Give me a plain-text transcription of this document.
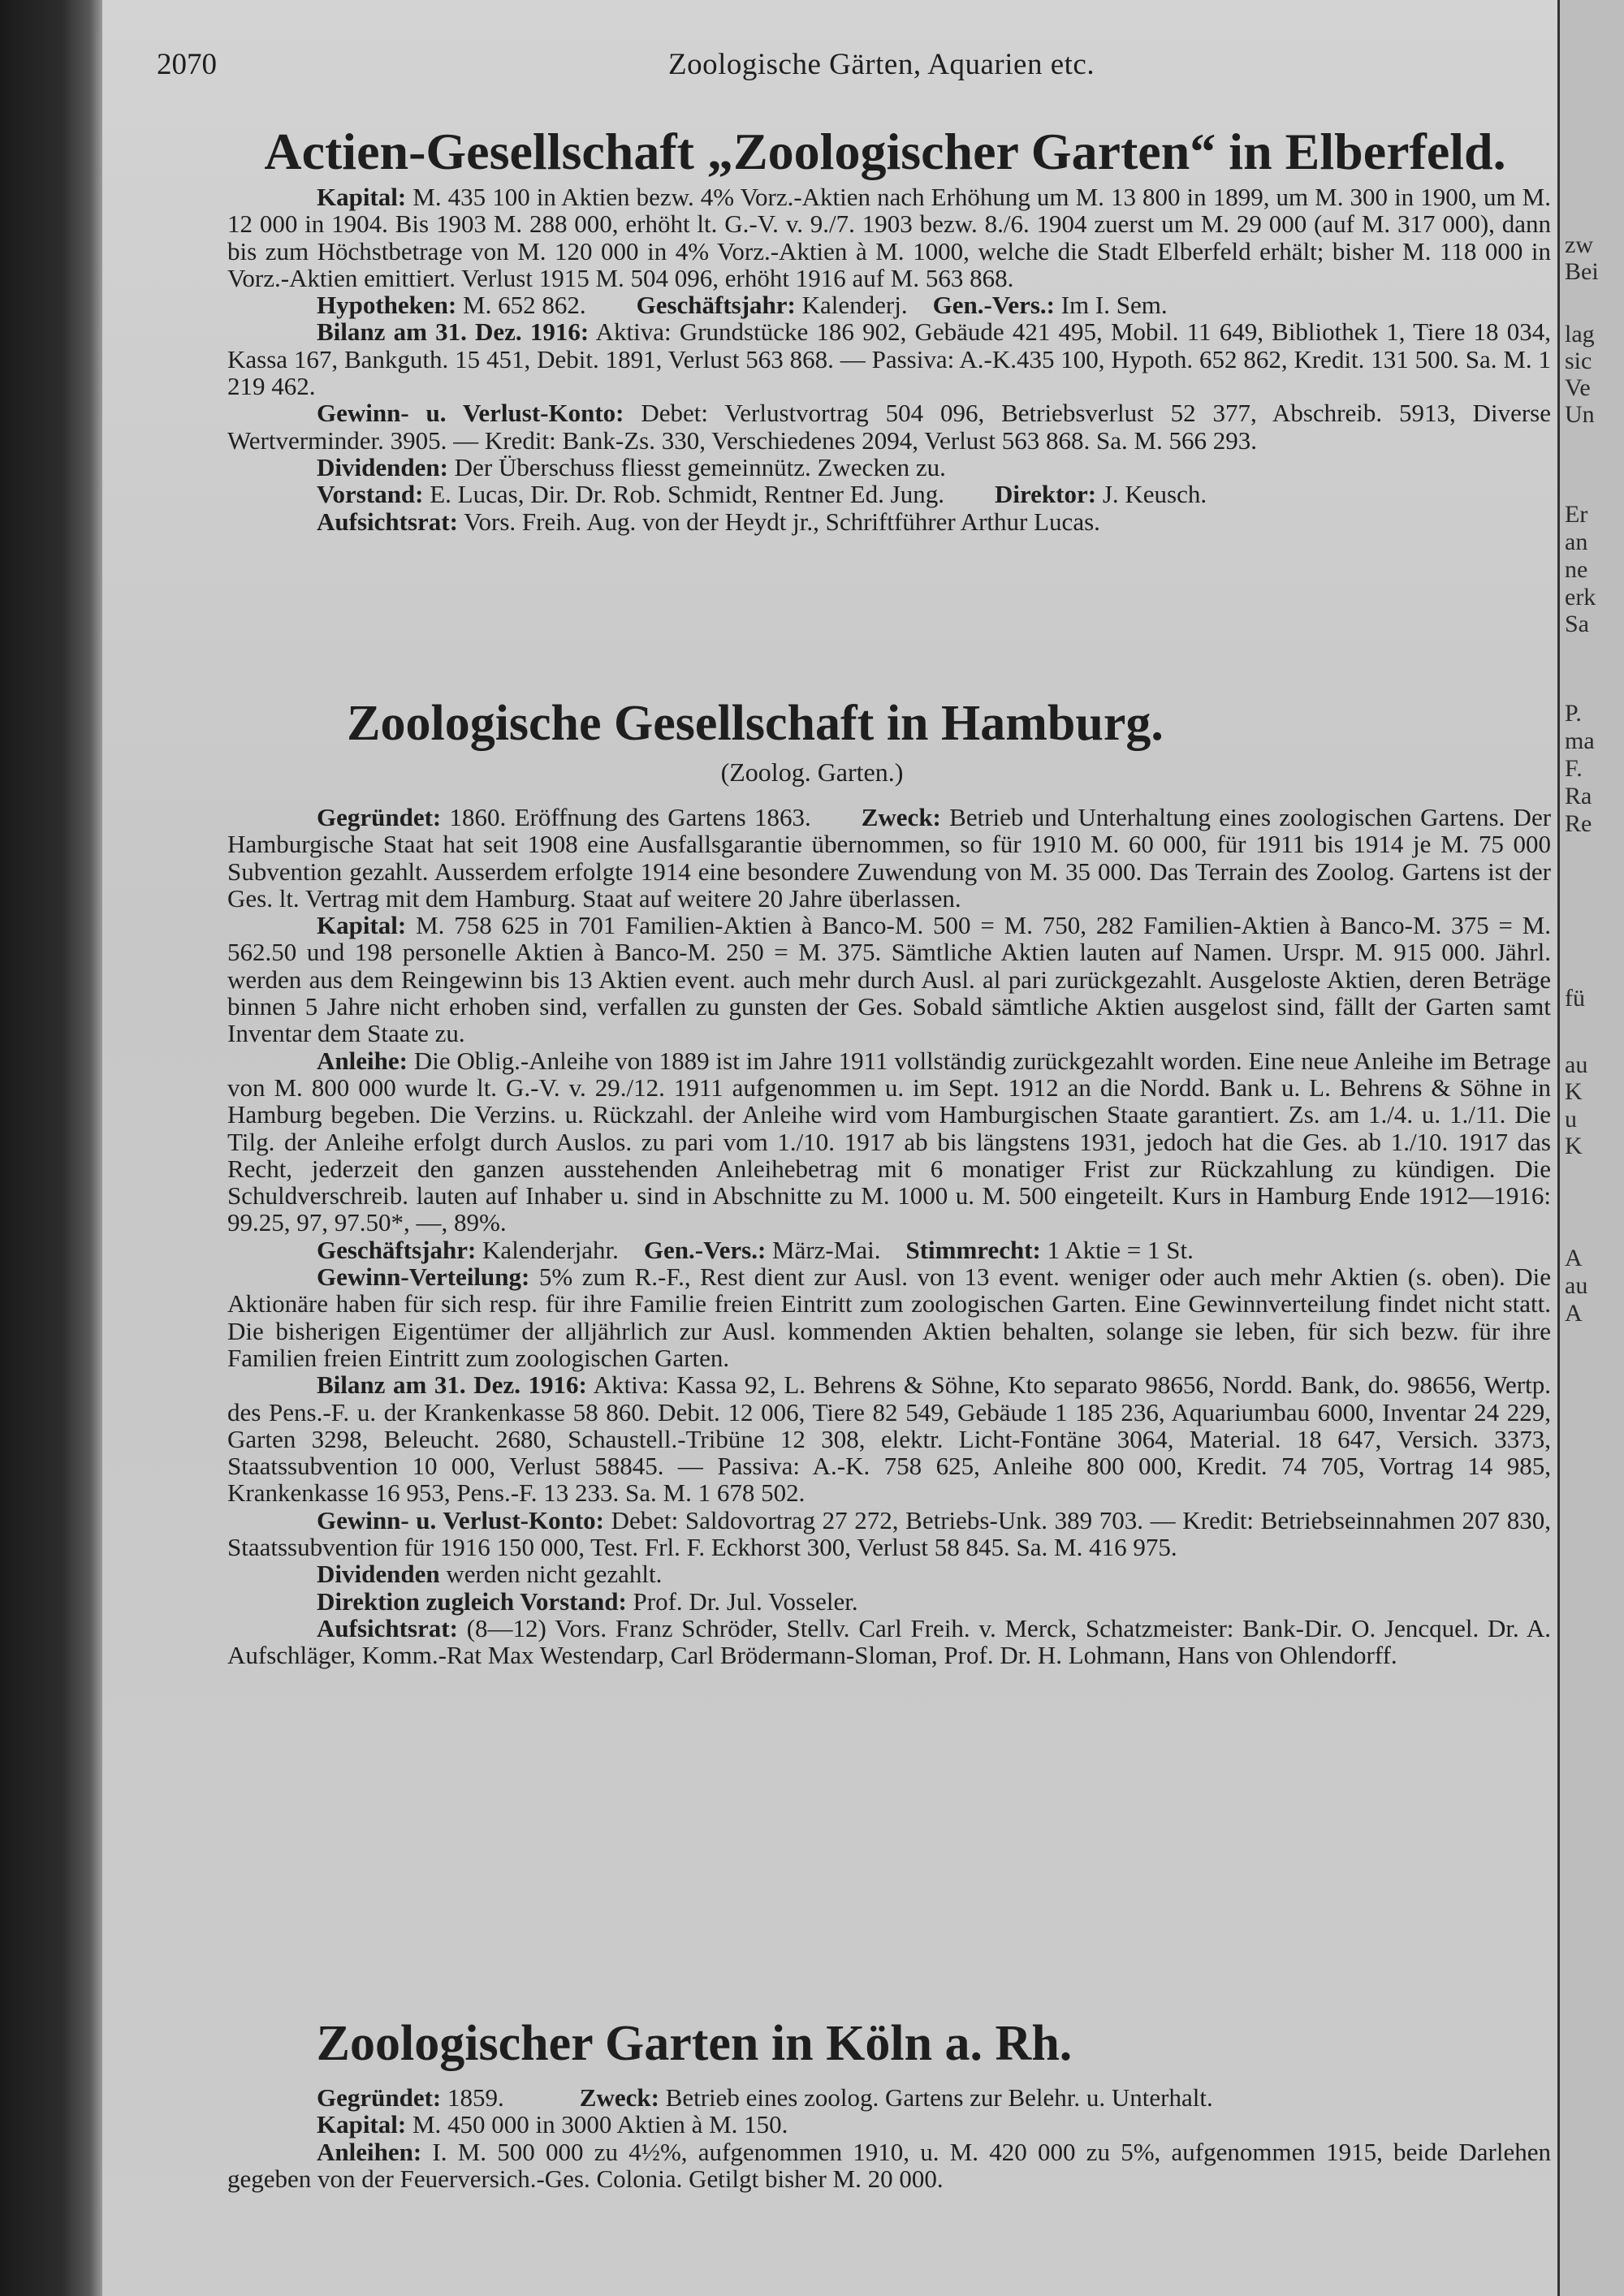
zw
Bei
lag
sic
Ve
Un
Er
an
ne
erk
Sa
P.
ma
F.
Ra
Re
fü
au
K
u
K
A
au
A
2070	Zoologische Gärten, Aquarien etc.
Actien-Gesellschaft „Zoologischer Garten“ in Elberfeld.

Kapital: M. 435 100 in Aktien bezw. 4% Vorz.-Aktien nach Erhöhung um M. 13 800 in 1899, um M. 300 in 1900, um M. 12 000 in 1904. Bis 1903 M. 288 000, erhöht lt. G.-V. v. 9./7. 1903 bezw. 8./6. 1904 zuerst um M. 29 000 (auf M. 317 000), dann bis zum Höchstbetrage von M. 120 000 in 4% Vorz.-Aktien à M. 1000, welche die Stadt Elberfeld erhält; bisher M. 118 000 in Vorz.-Aktien emittiert. Verlust 1915 M. 504 096, erhöht 1916 auf M. 563 868.

Hypotheken: M. 652 862.   Geschäftsjahr: Kalenderj.  Gen.-Vers.: Im I. Sem.

Bilanz am 31. Dez. 1916: Aktiva: Grundstücke 186 902, Gebäude 421 495, Mobil. 11 649, Bibliothek 1, Tiere 18 034, Kassa 167, Bankguth. 15 451, Debit. 1891, Verlust 563 868. — Passiva: A.-K.435 100, Hypoth. 652 862, Kredit. 131 500. Sa. M. 1 219 462.

Gewinn- u. Verlust-Konto: Debet: Verlustvortrag 504 096, Betriebsverlust 52 377, Abschreib. 5913, Diverse Wertverminder. 3905. — Kredit: Bank-Zs. 330, Verschiedenes 2094, Verlust 563 868. Sa. M. 566 293.

Dividenden: Der Überschuss fliesst gemeinnütz. Zwecken zu.

Vorstand: E. Lucas, Dir. Dr. Rob. Schmidt, Rentner Ed. Jung.   Direktor: J. Keusch.

Aufsichtsrat: Vors. Freih. Aug. von der Heydt jr., Schriftführer Arthur Lucas.

Zoologische Gesellschaft in Hamburg.
(Zoolog. Garten.)

Gegründet: 1860. Eröffnung des Gartens 1863.   Zweck: Betrieb und Unterhaltung eines zoologischen Gartens. Der Hamburgische Staat hat seit 1908 eine Ausfallsgarantie übernommen, so für 1910 M. 60 000, für 1911 bis 1914 je M. 75 000 Subvention gezahlt. Ausserdem erfolgte 1914 eine besondere Zuwendung von M. 35 000. Das Terrain des Zoolog. Gartens ist der Ges. lt. Vertrag mit dem Hamburg. Staat auf weitere 20 Jahre überlassen.

Kapital: M. 758 625 in 701 Familien-Aktien à Banco-M. 500 = M. 750, 282 Familien-Aktien à Banco-M. 375 = M. 562.50 und 198 personelle Aktien à Banco-M. 250 = M. 375. Sämtliche Aktien lauten auf Namen. Urspr. M. 915 000. Jährl. werden aus dem Reingewinn bis 13 Aktien event. auch mehr durch Ausl. al pari zurückgezahlt. Ausgeloste Aktien, deren Beträge binnen 5 Jahre nicht erhoben sind, verfallen zu gunsten der Ges. Sobald sämtliche Aktien ausgelost sind, fällt der Garten samt Inventar dem Staate zu.

Anleihe: Die Oblig.-Anleihe von 1889 ist im Jahre 1911 vollständig zurückgezahlt worden. Eine neue Anleihe im Betrage von M. 800 000 wurde lt. G.-V. v. 29./12. 1911 aufgenommen u. im Sept. 1912 an die Nordd. Bank u. L. Behrens & Söhne in Hamburg begeben. Die Verzins. u. Rückzahl. der Anleihe wird vom Hamburgischen Staate garantiert. Zs. am 1./4. u. 1./11. Die Tilg. der Anleihe erfolgt durch Auslos. zu pari vom 1./10. 1917 ab bis längstens 1931, jedoch hat die Ges. ab 1./10. 1917 das Recht, jederzeit den ganzen ausstehenden Anleihebetrag mit 6 monatiger Frist zur Rückzahlung zu kündigen. Die Schuldverschreib. lauten auf Inhaber u. sind in Abschnitte zu M. 1000 u. M. 500 eingeteilt. Kurs in Hamburg Ende 1912—1916: 99.25, 97, 97.50*, —, 89%.

Geschäftsjahr: Kalenderjahr.  Gen.-Vers.: März-Mai.  Stimmrecht: 1 Aktie = 1 St.

Gewinn-Verteilung: 5% zum R.-F., Rest dient zur Ausl. von 13 event. weniger oder auch mehr Aktien (s. oben). Die Aktionäre haben für sich resp. für ihre Familie freien Eintritt zum zoologischen Garten. Eine Gewinnverteilung findet nicht statt. Die bisherigen Eigentümer der alljährlich zur Ausl. kommenden Aktien behalten, solange sie leben, für sich bezw. für ihre Familien freien Eintritt zum zoologischen Garten.

Bilanz am 31. Dez. 1916: Aktiva: Kassa 92, L. Behrens & Söhne, Kto separato 98656, Nordd. Bank, do. 98656, Wertp. des Pens.-F. u. der Krankenkasse 58 860. Debit. 12 006, Tiere 82 549, Gebäude 1 185 236, Aquariumbau 6000, Inventar 24 229, Garten 3298, Beleucht. 2680, Schaustell.-Tribüne 12 308, elektr. Licht-Fontäne 3064, Material. 18 647, Versich. 3373, Staatssubvention 10 000, Verlust 58845. — Passiva: A.-K. 758 625, Anleihe 800 000, Kredit. 74 705, Vortrag 14 985, Krankenkasse 16 953, Pens.-F. 13 233. Sa. M. 1 678 502.

Gewinn- u. Verlust-Konto: Debet: Saldovortrag 27 272, Betriebs-Unk. 389 703. — Kredit: Betriebseinnahmen 207 830, Staatssubvention für 1916 150 000, Test. Frl. F. Eckhorst 300, Verlust 58 845. Sa. M. 416 975.

Dividenden werden nicht gezahlt.

Direktion zugleich Vorstand: Prof. Dr. Jul. Vosseler.

Aufsichtsrat: (8—12) Vors. Franz Schröder, Stellv. Carl Freih. v. Merck, Schatzmeister: Bank-Dir. O. Jencquel. Dr. A. Aufschläger, Komm.-Rat Max Westendarp, Carl Brödermann-Sloman, Prof. Dr. H. Lohmann, Hans von Ohlendorff.

Zoologischer Garten in Köln a. Rh.

Gegründet: 1859.   	Zweck: Betrieb eines zoolog. Gartens zur Belehr. u. Unterhalt.

Kapital: M. 450 000 in 3000 Aktien à M. 150.

Anleihen: I. M. 500 000 zu 4½%, aufgenommen 1910, u. M. 420 000 zu 5%, aufgenommen 1915, beide Darlehen gegeben von der Feuerversich.-Ges. Colonia. Getilgt bisher M. 20 000.
